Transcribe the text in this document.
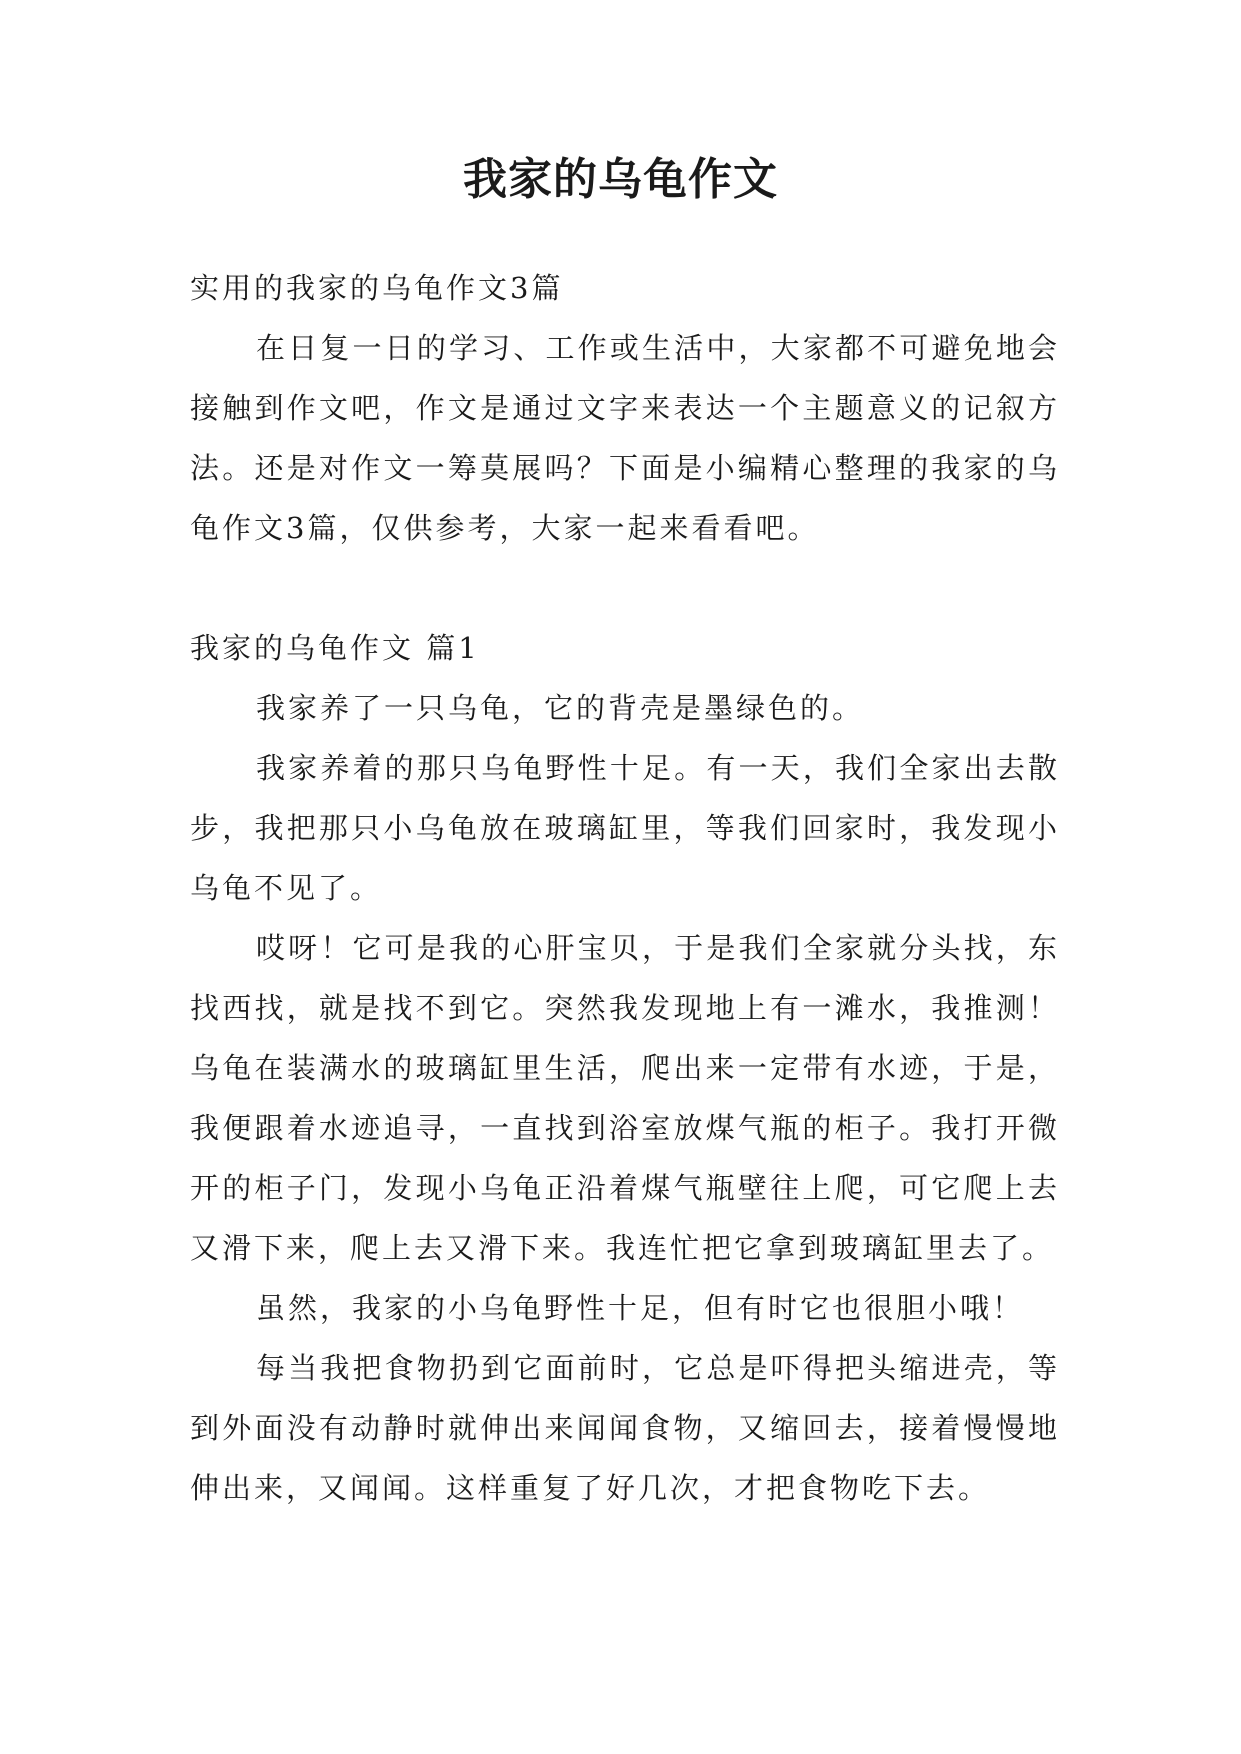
我家的乌龟作文

实用的我家的乌龟作文3篇

在日复一日的学习、工作或生活中，大家都不可避免地会接触到作文吧，作文是通过文字来表达一个主题意义的记叙方法。还是对作文一筹莫展吗？下面是小编精心整理的我家的乌龟作文3篇，仅供参考，大家一起来看看吧。

我家的乌龟作文 篇1

我家养了一只乌龟，它的背壳是墨绿色的。

我家养着的那只乌龟野性十足。有一天，我们全家出去散步，我把那只小乌龟放在玻璃缸里，等我们回家时，我发现小乌龟不见了。

哎呀！它可是我的心肝宝贝，于是我们全家就分头找，东找西找，就是找不到它。突然我发现地上有一滩水，我推测！乌龟在装满水的玻璃缸里生活，爬出来一定带有水迹，于是，我便跟着水迹追寻，一直找到浴室放煤气瓶的柜子。我打开微开的柜子门，发现小乌龟正沿着煤气瓶壁往上爬，可它爬上去又滑下来，爬上去又滑下来。我连忙把它拿到玻璃缸里去了。

虽然，我家的小乌龟野性十足，但有时它也很胆小哦！

每当我把食物扔到它面前时，它总是吓得把头缩进壳，等到外面没有动静时就伸出来闻闻食物，又缩回去，接着慢慢地伸出来，又闻闻。这样重复了好几次，才把食物吃下去。
